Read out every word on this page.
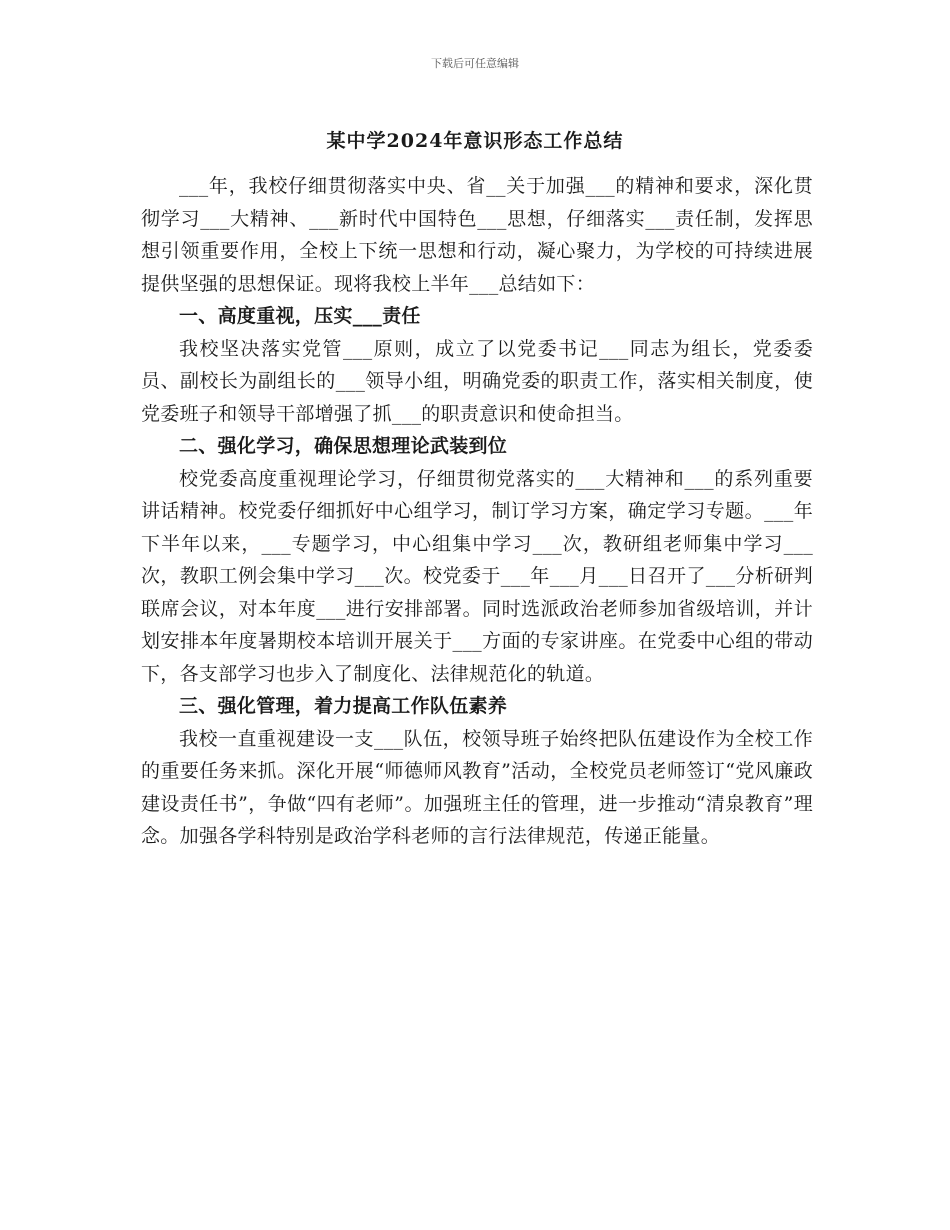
下载后可任意编辑
某中学2024年意识形态工作总结

___年，我校仔细贯彻落实中央、省__关于加强___的精神和要求，深化贯彻学习___大精神、___新时代中国特色___思想，仔细落实___责任制，发挥思想引领重要作用，全校上下统一思想和行动，凝心聚力，为学校的可持续进展提供坚强的思想保证。现将我校上半年___总结如下：

一、高度重视，压实___责任

我校坚决落实党管___原则，成立了以党委书记___同志为组长，党委委员、副校长为副组长的___领导小组，明确党委的职责工作，落实相关制度，使党委班子和领导干部增强了抓___的职责意识和使命担当。

二、强化学习，确保思想理论武装到位

校党委高度重视理论学习，仔细贯彻党落实的___大精神和___的系列重要讲话精神。校党委仔细抓好中心组学习，制订学习方案，确定学习专题。___年下半年以来，___专题学习，中心组集中学习___次，教研组老师集中学习___次，教职工例会集中学习___次。校党委于___年___月___日召开了___分析研判联席会议，对本年度___进行安排部署。同时选派政治老师参加省级培训，并计划安排本年度暑期校本培训开展关于___方面的专家讲座。在党委中心组的带动下，各支部学习也步入了制度化、法律规范化的轨道。

三、强化管理，着力提高工作队伍素养

我校一直重视建设一支___队伍，校领导班子始终把队伍建设作为全校工作的重要任务来抓。深化开展“师德师风教育”活动，全校党员老师签订“党风廉政建设责任书”，争做“四有老师”。加强班主任的管理，进一步推动“清泉教育”理念。加强各学科特别是政治学科老师的言行法律规范，传递正能量。
